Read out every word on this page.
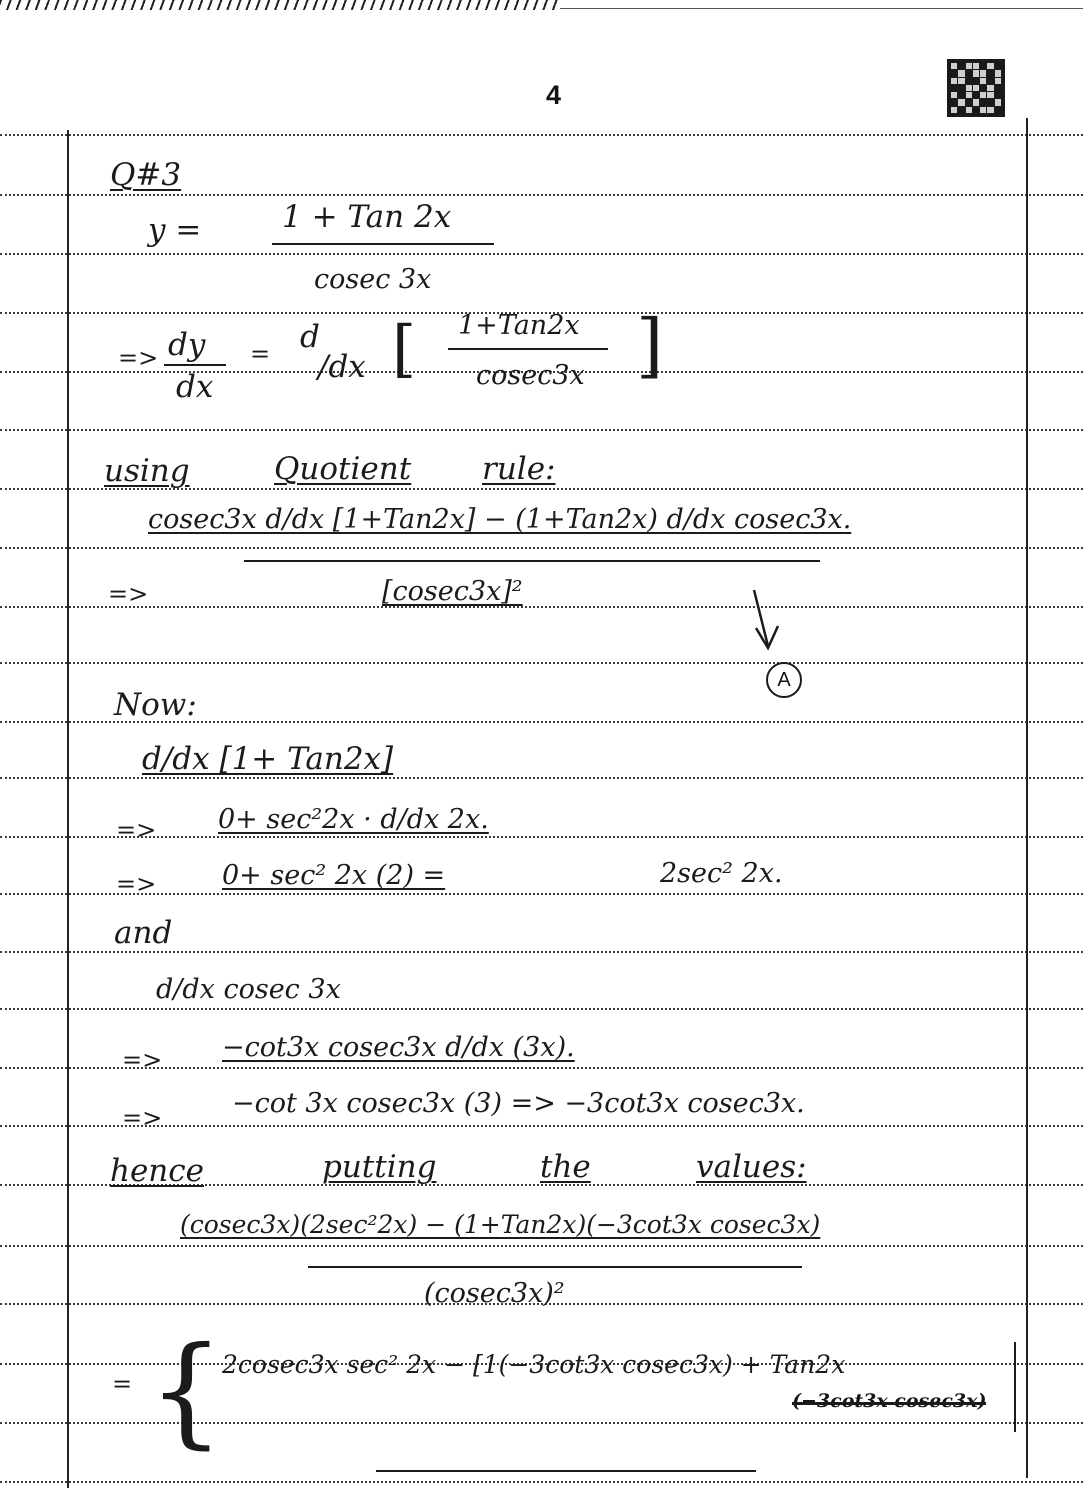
4
Q#3
y =	1 + Tan 2x
cosec 3x
=> dy
dx
= d
/dx [ 1+Tan2x
cosec3x ]
using	Quotient rule:
cosec3x d/dx [1+Tan2x] − (1+Tan2x) d/dx cosec3x.
=>	[cosec3x]²
A
Now:
d/dx [1+ Tan2x]
=> 0+ sec²2x · d/dx 2x.
=> 0+ sec² 2x (2) =	2sec² 2x.
and
d/dx cosec 3x
=> −cot3x cosec3x d/dx (3x).
=>	−cot 3x cosec3x (3) => −3cot3x cosec3x.
hence	putting	the	values:
(cosec3x)(2sec²2x) − (1+Tan2x)(−3cot3x cosec3x)
(cosec3x)²
= {
2cosec3x sec² 2x − [1(−3cot3x cosec3x) + Tan2x
(−3cot3x cosec3x)
